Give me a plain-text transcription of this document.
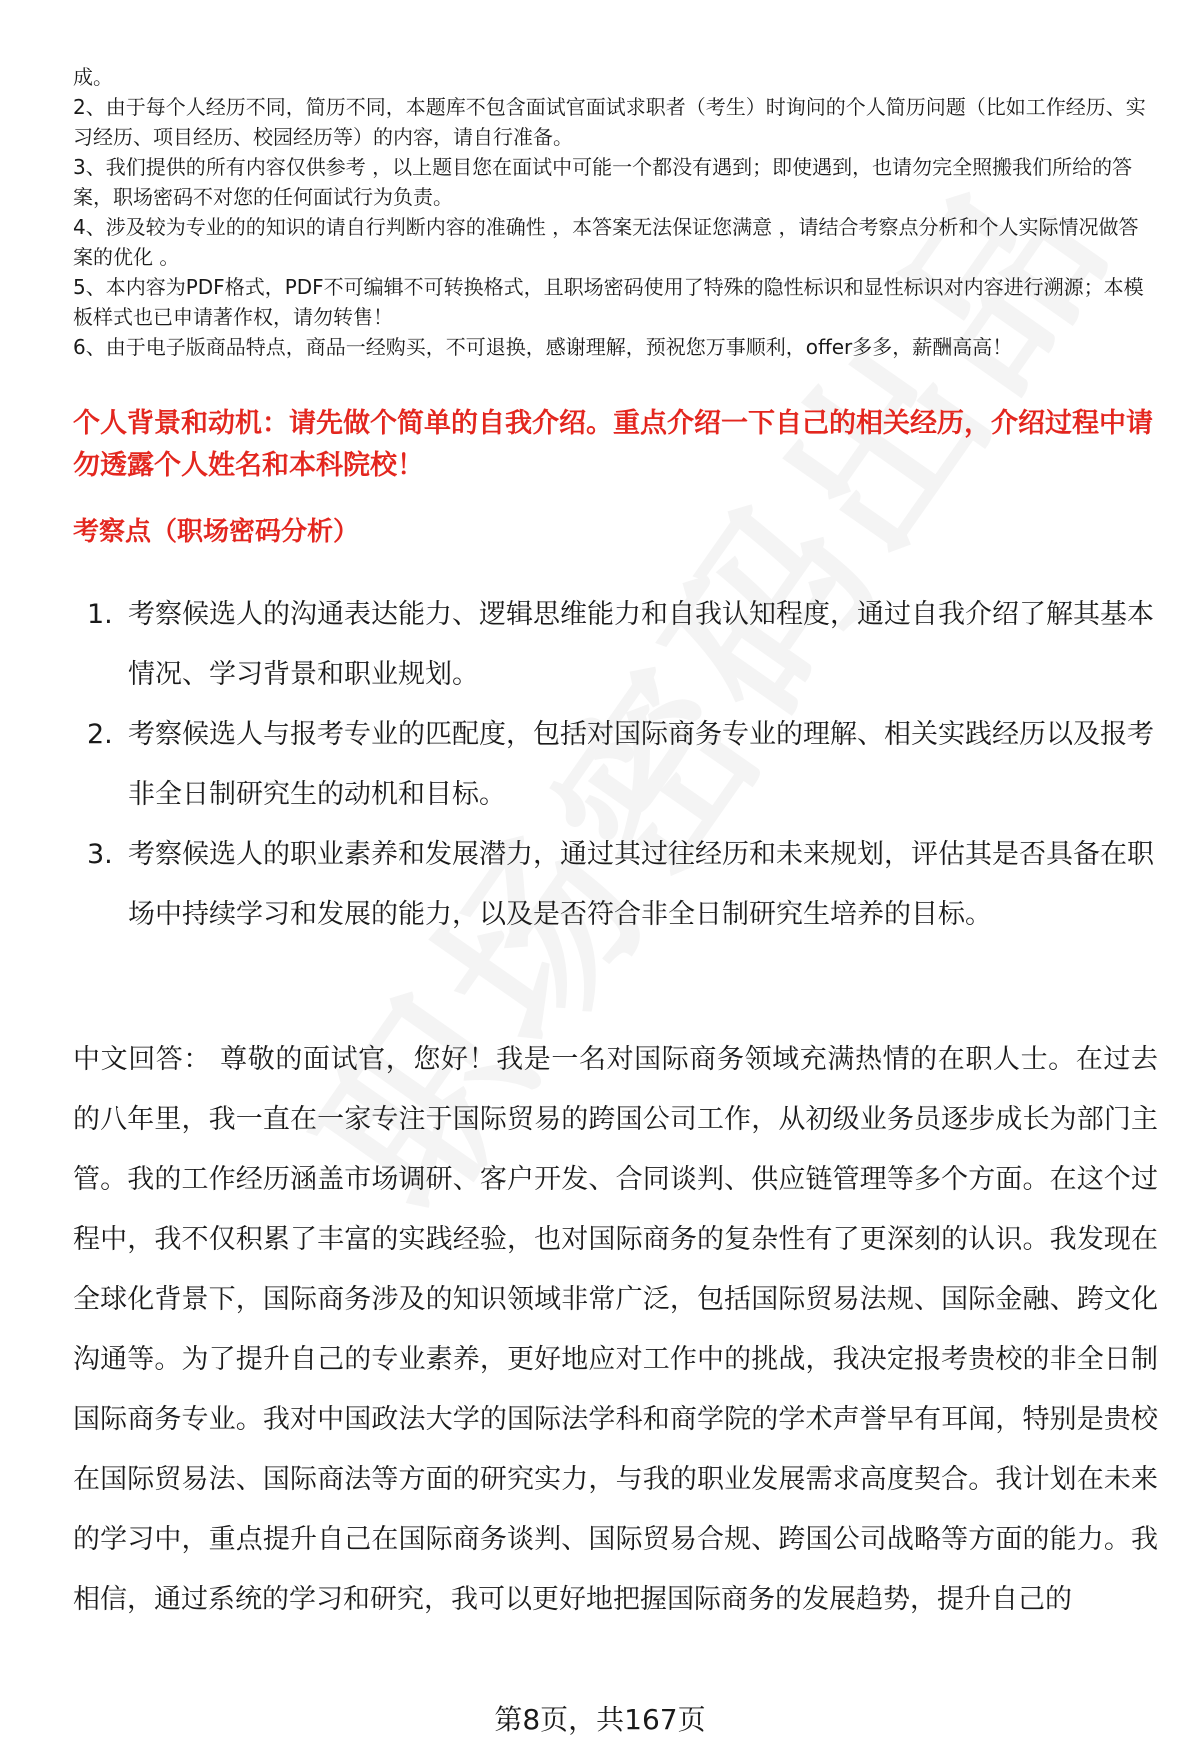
成。

2、由于每个人经历不同，简历不同，本题库不包含面试官面试求职者（考生）时询问的个人简历问题（比如工作经历、实习经历、项目经历、校园经历等）的内容，请自行准备。

3、我们提供的所有内容仅供参考 ，以上题目您在面试中可能一个都没有遇到；即使遇到，也请勿完全照搬我们所给的答案，职场密码不对您的任何面试行为负责。

4、涉及较为专业的的知识的请自行判断内容的准确性 ，本答案无法保证您满意 ，请结合考察点分析和个人实际情况做答案的优化 。

5、本内容为PDF格式，PDF不可编辑不可转换格式，且职场密码使用了特殊的隐性标识和显性标识对内容进行溯源；本模板样式也已申请著作权，请勿转售！

6、由于电子版商品特点，商品一经购买，不可退换，感谢理解，预祝您万事顺利，offer多多，薪酬高高！

个人背景和动机：请先做个简单的自我介绍。重点介绍一下自己的相关经历，介绍过程中请勿透露个人姓名和本科院校！
考察点（职场密码分析）
1. 考察候选人的沟通表达能力、逻辑思维能力和自我认知程度，通过自我介绍了解其基本情况、学习背景和职业规划。
2. 考察候选人与报考专业的匹配度，包括对国际商务专业的理解、相关实践经历以及报考非全日制研究生的动机和目标。
3. 考察候选人的职业素养和发展潜力，通过其过往经历和未来规划，评估其是否具备在职场中持续学习和发展的能力，以及是否符合非全日制研究生培养的目标。

中文回答： 尊敬的面试官，您好！我是一名对国际商务领域充满热情的在职人士。在过去的八年里，我一直在一家专注于国际贸易的跨国公司工作，从初级业务员逐步成长为部门主管。我的工作经历涵盖市场调研、客户开发、合同谈判、供应链管理等多个方面。在这个过程中，我不仅积累了丰富的实践经验，也对国际商务的复杂性有了更深刻的认识。我发现在全球化背景下，国际商务涉及的知识领域非常广泛，包括国际贸易法规、国际金融、跨文化沟通等。为了提升自己的专业素养，更好地应对工作中的挑战，我决定报考贵校的非全日制国际商务专业。我对中国政法大学的国际法学科和商学院的学术声誉早有耳闻，特别是贵校在国际贸易法、国际商法等方面的研究实力，与我的职业发展需求高度契合。我计划在未来的学习中，重点提升自己在国际商务谈判、国际贸易合规、跨国公司战略等方面的能力。我相信，通过系统的学习和研究，我可以更好地把握国际商务的发展趋势，提升自己的

第8页，共167页
